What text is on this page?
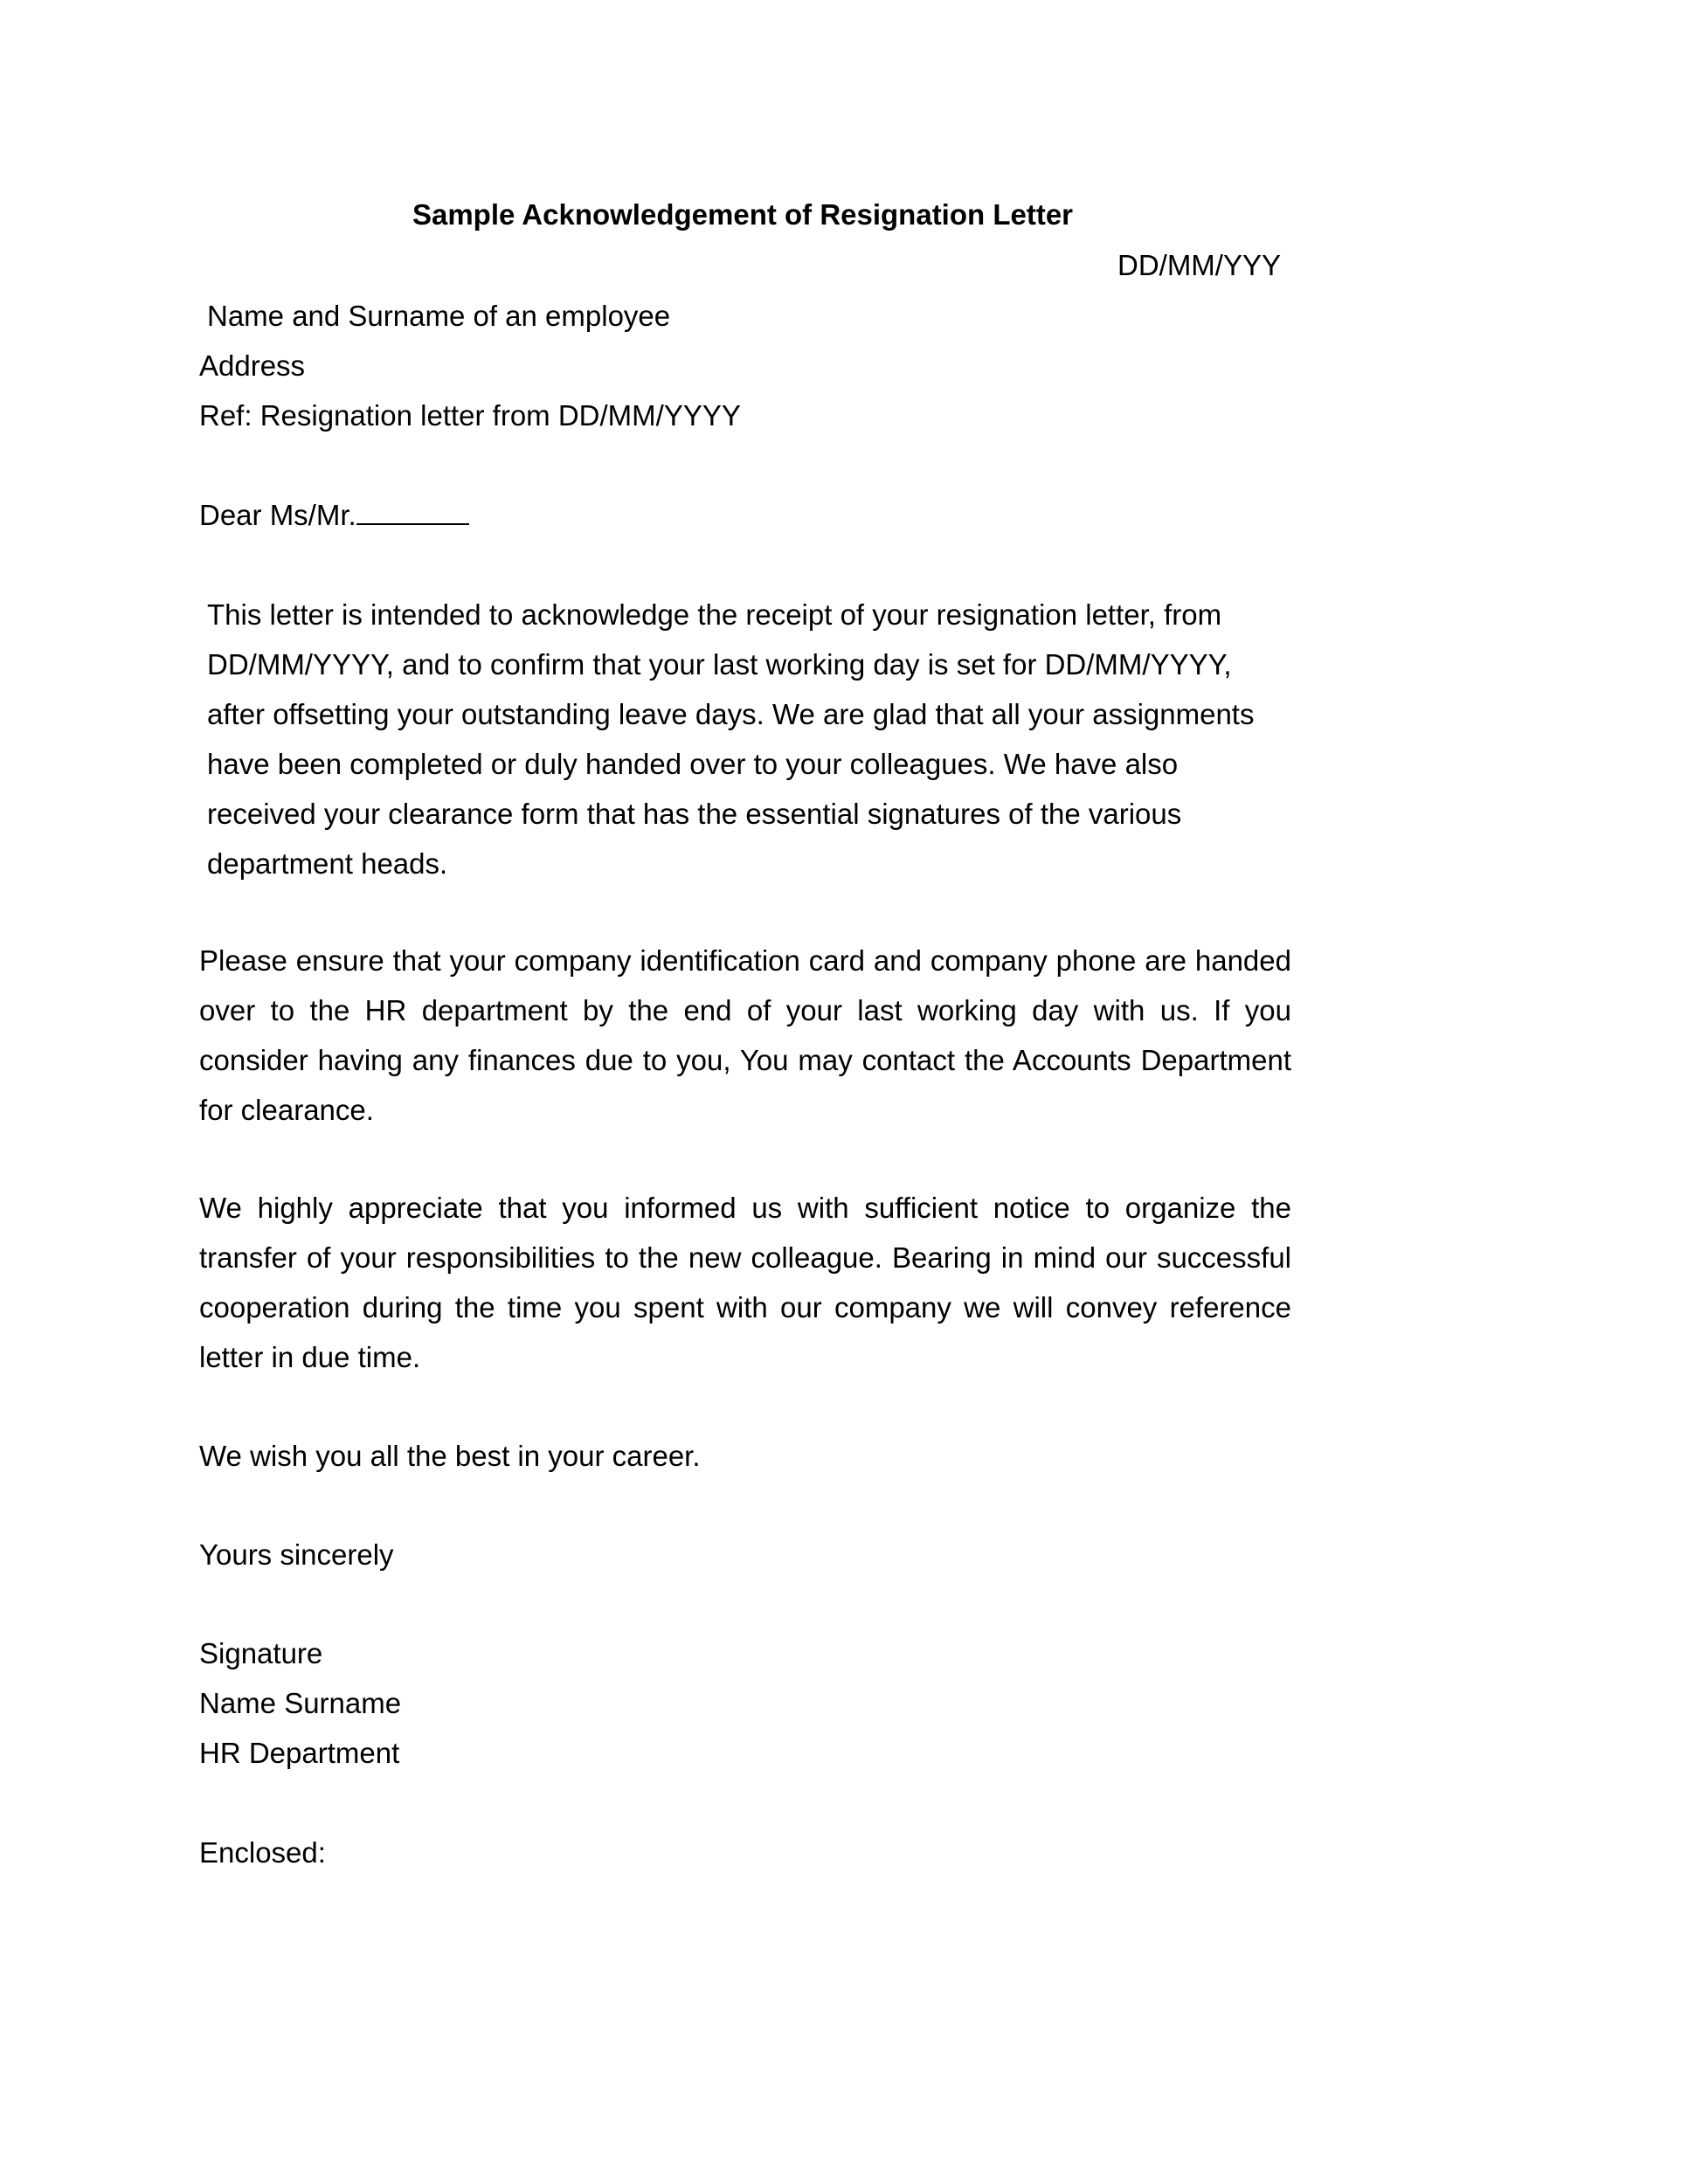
Sample Acknowledgement of Resignation Letter
DD/MM/YYY

Name and Surname of an employee

Address

Ref: Resignation letter from DD/MM/YYYY

Dear Ms/Mr.

This letter is intended to acknowledge the receipt of your resignation letter, from DD/MM/YYYY, and to confirm that your last working day is set for DD/MM/YYYY, after offsetting your outstanding leave days. We are glad that all your assignments have been completed or duly handed over to your colleagues. We have also received your clearance form that has the essential signatures of the various department heads.

Please ensure that your company identification card and company phone are handed over to the HR department by the end of your last working day with us. If you consider having any finances due to you, You may contact the Accounts Department for clearance.

We highly appreciate that you informed us with sufficient notice to organize the transfer of your responsibilities to the new colleague. Bearing in mind our successful cooperation during the time you spent with our company we will convey reference letter in due time.

We wish you all the best in your career.

Yours sincerely

Signature

Name Surname

HR Department

Enclosed:
